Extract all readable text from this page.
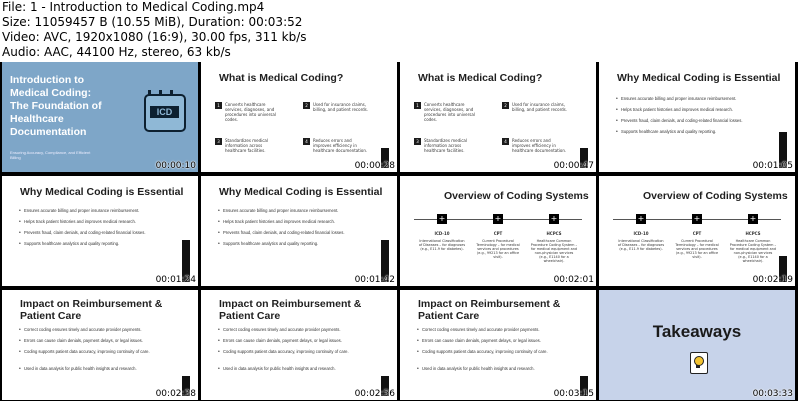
File: 1 - Introduction to Medical Coding.mp4
Size: 11059457 B (10.55 MiB), Duration: 00:03:52
Video: AVC, 1920x1080 (16:9), 30.00 fps, 311 kb/s
Audio: AAC, 44100 Hz, stereo, 63 kb/s
Introduction to Medical Coding: The Foundation of Healthcare Documentation
Ensuring Accuracy, Compliance, and Efficient Billing
ICD
00:00:10
What is Medical Coding?
1	Converts healthcare services, diagnoses, and procedures into universal codes.
2	Used for insurance claims, billing, and patient records.
3	Standardizes medical information across healthcare facilities.
4	Reduces errors and improves efficiency in healthcare documentation.
00:00:28
What is Medical Coding?
1	Converts healthcare services, diagnoses, and procedures into universal codes.
2	Used for insurance claims, billing, and patient records.
3	Standardizes medical information across healthcare facilities.
4	Reduces errors and improves efficiency in healthcare documentation.
00:00:47
Why Medical Coding is Essential
• Ensures accurate billing and proper insurance reimbursement.
• Helps track patient histories and improves medical research.
• Prevents fraud, claim denials, and coding-related financial losses.
• Supports healthcare analytics and quality reporting.
00:01:05
Why Medical Coding is Essential
• Ensures accurate billing and proper insurance reimbursement.
• Helps track patient histories and improves medical research.
• Prevents fraud, claim denials, and coding-related financial losses.
• Supports healthcare analytics and quality reporting.
00:01:24
Why Medical Coding is Essential
• Ensures accurate billing and proper insurance reimbursement.
• Helps track patient histories and improves medical research.
• Prevents fraud, claim denials, and coding-related financial losses.
• Supports healthcare analytics and quality reporting.
00:01:42
Overview of Coding Systems
+	+	+
ICD-10	CPT	HCPCS
International Classification of Diseases – for diagnoses (e.g., E11.9 for diabetes).
Current Procedural Terminology – for medical services and procedures (e.g., 99213 for an office visit).
Healthcare Common Procedure Coding System – for medical equipment and non-physician services (e.g., E1140 for a wheelchair).
00:02:01
Overview of Coding Systems
+	+	+
ICD-10	CPT	HCPCS
International Classification of Diseases – for diagnoses (e.g., E11.9 for diabetes).
Current Procedural Terminology – for medical services and procedures (e.g., 99213 for an office visit).
Healthcare Common Procedure Coding System – for medical equipment and non-physician services (e.g., E1140 for a wheelchair).
00:02:19
Impact on Reimbursement & Patient Care
• Correct coding ensures timely and accurate provider payments.
• Errors can cause claim denials, payment delays, or legal issues.
• Coding supports patient data accuracy, improving continuity of care.
• Used in data analysis for public health insights and research.
00:02:38
Impact on Reimbursement & Patient Care
• Correct coding ensures timely and accurate provider payments.
• Errors can cause claim denials, payment delays, or legal issues.
• Coding supports patient data accuracy, improving continuity of care.
• Used in data analysis for public health insights and research.
00:02:56
Impact on Reimbursement & Patient Care
• Correct coding ensures timely and accurate provider payments.
• Errors can cause claim denials, payment delays, or legal issues.
• Coding supports patient data accuracy, improving continuity of care.
• Used in data analysis for public health insights and research.
00:03:15
Takeaways
00:03:33
